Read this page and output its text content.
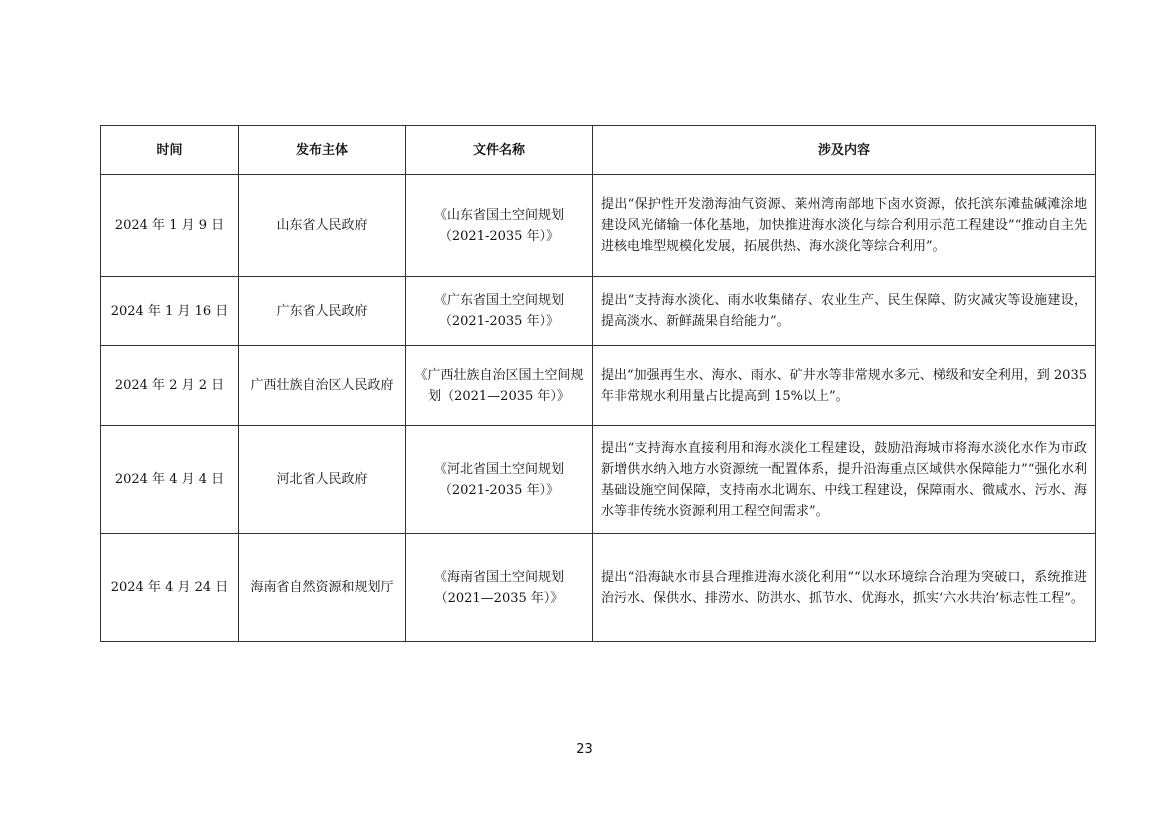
时间	发布主体	文件名称	涉及内容
2024 年 1 月 9 日	山东省人民政府	《山东省国土空间规划（2021-2035 年）》	提出“保护性开发渤海油气资源、莱州湾南部地下卤水资源，依托滨东滩盐碱滩涂地建设风光储输一体化基地，加快推进海水淡化与综合利用示范工程建设”“推动自主先进核电堆型规模化发展，拓展供热、海水淡化等综合利用”。
2024 年 1 月 16 日	广东省人民政府	《广东省国土空间规划（2021-2035 年）》	提出“支持海水淡化、雨水收集储存、农业生产、民生保障、防灾减灾等设施建设，提高淡水、新鲜蔬果自给能力”。
2024 年 2 月 2 日	广西壮族自治区人民政府	《广西壮族自治区国土空间规划（2021—2035 年）》	提出“加强再生水、海水、雨水、矿井水等非常规水多元、梯级和安全利用，到 2035 年非常规水利用量占比提高到 15%以上”。
2024 年 4 月 4 日	河北省人民政府	《河北省国土空间规划（2021-2035 年）》	提出“支持海水直接利用和海水淡化工程建设，鼓励沿海城市将海水淡化水作为市政新增供水纳入地方水资源统一配置体系，提升沿海重点区域供水保障能力”“强化水利基础设施空间保障，支持南水北调东、中线工程建设，保障雨水、微咸水、污水、海水等非传统水资源利用工程空间需求”。
2024 年 4 月 24 日	海南省自然资源和规划厅	《海南省国土空间规划（2021—2035 年）》	提出“沿海缺水市县合理推进海水淡化利用”“以水环境综合治理为突破口，系统推进治污水、保供水、排涝水、防洪水、抓节水、优海水，抓实‘六水共治’标志性工程”。
23
